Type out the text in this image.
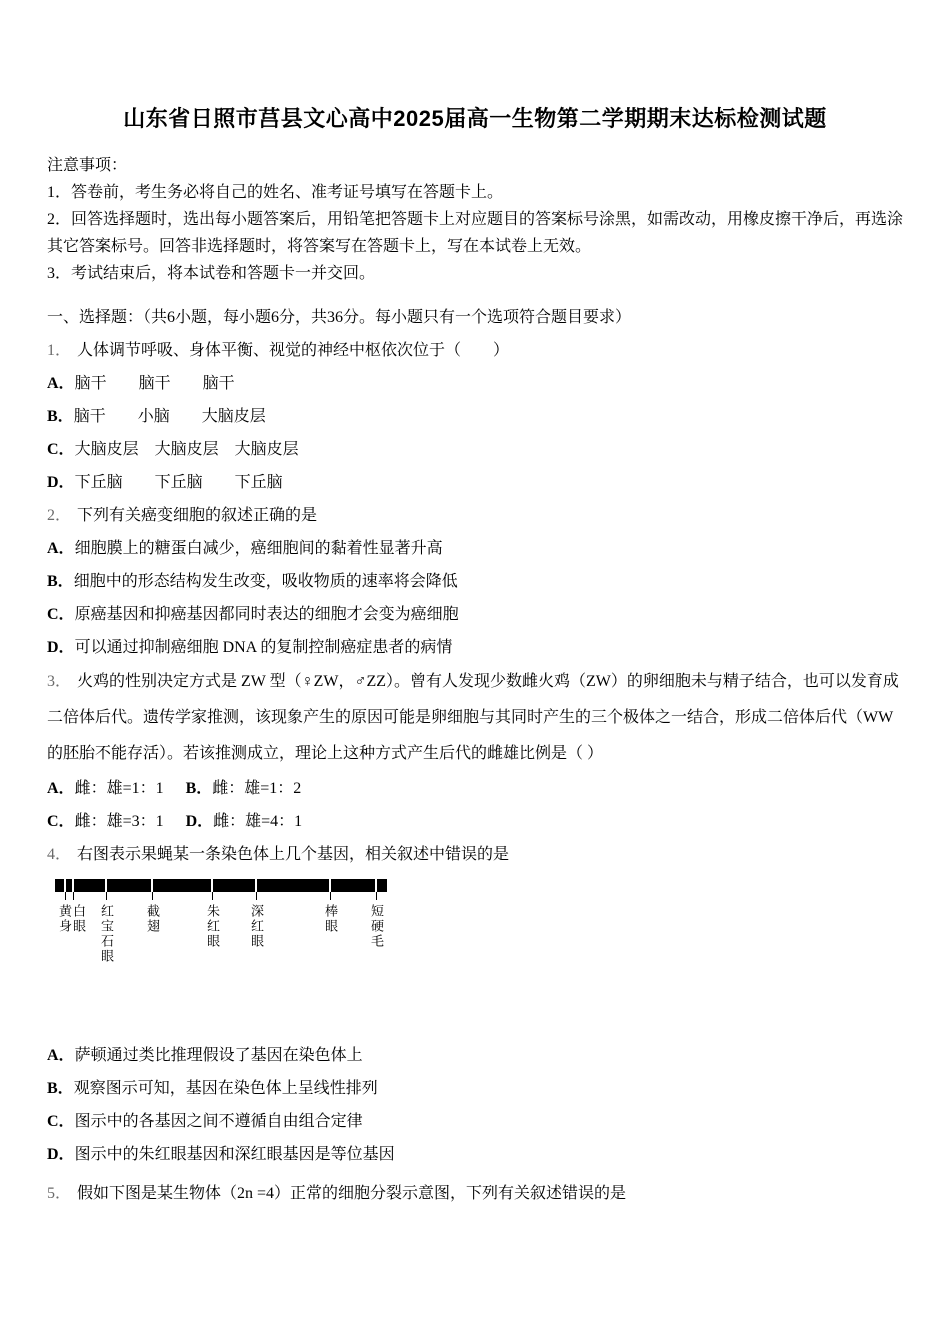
山东省日照市莒县文心高中2025届高一生物第二学期期末达标检测试题
注意事项：
1．答卷前，考生务必将自己的姓名、准考证号填写在答题卡上。
2．回答选择题时，选出每小题答案后，用铅笔把答题卡上对应题目的答案标号涂黑，如需改动，用橡皮擦干净后，再选涂其它答案标号。回答非选择题时，将答案写在答题卡上，写在本试卷上无效。
3．考试结束后，将本试卷和答题卡一并交回。
一、选择题：（共6小题，每小题6分，共36分。每小题只有一个选项符合题目要求）
1． 人体调节呼吸、身体平衡、视觉的神经中枢依次位于（　　）
A．脑干　　脑干　　脑干
B．脑干　　小脑　　大脑皮层
C．大脑皮层　大脑皮层　大脑皮层
D．下丘脑　　下丘脑　　下丘脑
2． 下列有关癌变细胞的叙述正确的是
A．细胞膜上的糖蛋白减少，癌细胞间的黏着性显著升高
B．细胞中的形态结构发生改变，吸收物质的速率将会降低
C．原癌基因和抑癌基因都同时表达的细胞才会变为癌细胞
D．可以通过抑制癌细胞 DNA 的复制控制癌症患者的病情
3． 火鸡的性别决定方式是 ZW 型（♀ZW，♂ZZ）。曾有人发现少数雌火鸡（ZW）的卵细胞未与精子结合，也可以发育成二倍体后代。遗传学家推测，该现象产生的原因可能是卵细胞与其同时产生的三个极体之一结合，形成二倍体后代（WW 的胚胎不能存活）。若该推测成立，理论上这种方式产生后代的雌雄比例是（ ）
A．雌：雄=1：1 B．雌：雄=1：2
C．雌：雄=3：1 D．雌：雄=4：1
4． 右图表示果蝇某一条染色体上几个基因，相关叙述中错误的是
黄身 白眼 红宝石眼 截翅	朱红眼 深红眼	棒眼 短硬毛
A．萨顿通过类比推理假设了基因在染色体上
B．观察图示可知，基因在染色体上呈线性排列
C．图示中的各基因之间不遵循自由组合定律
D．图示中的朱红眼基因和深红眼基因是等位基因
5． 假如下图是某生物体（2n =4）正常的细胞分裂示意图，下列有关叙述错误的是
